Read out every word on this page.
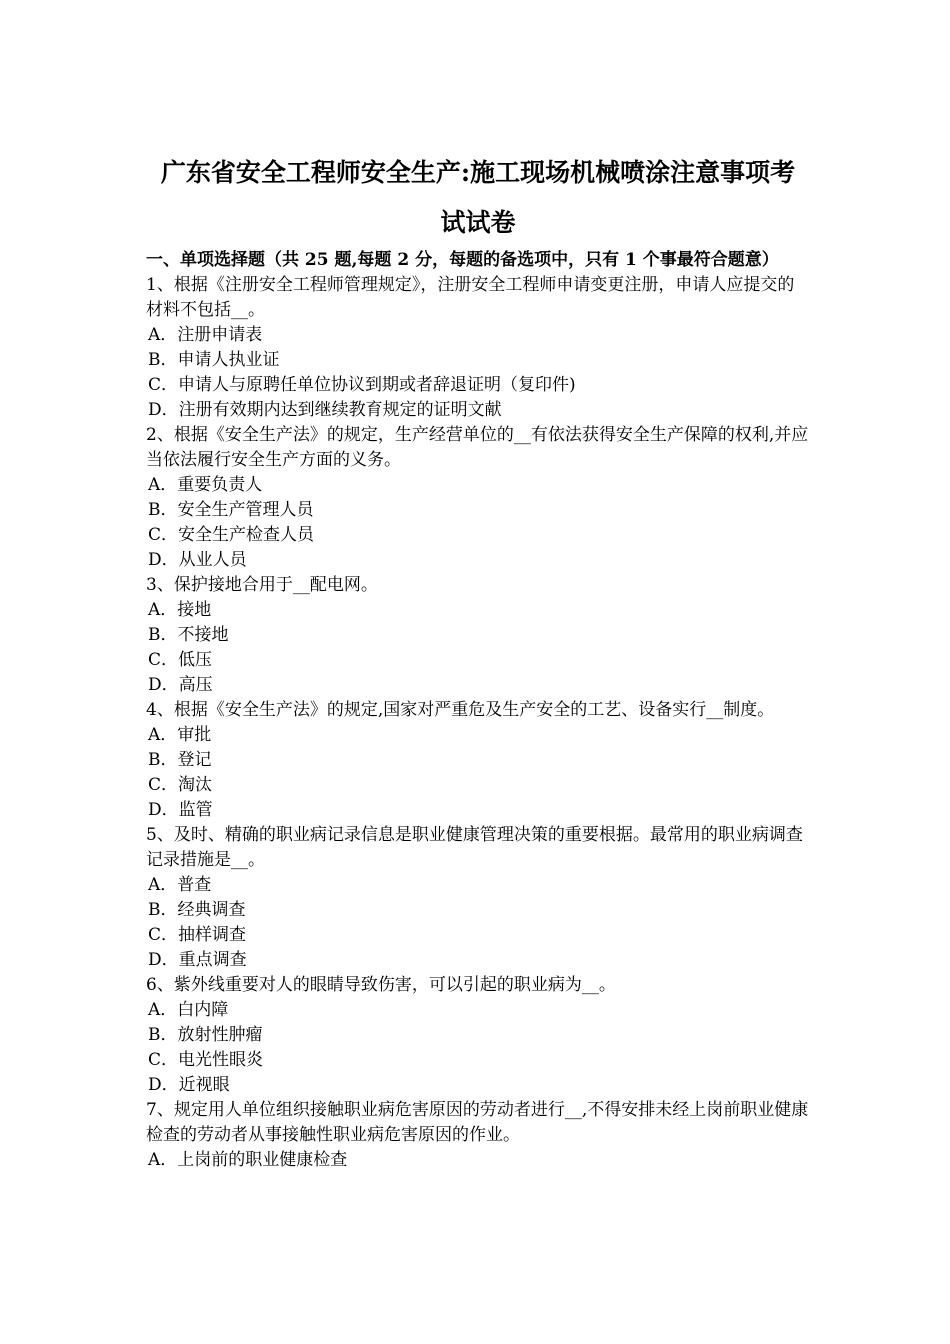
广东省安全工程师安全生产:施工现场机械喷涂注意事项考
试试卷

一、单项选择题（共 25 题,每题 2 分，每题的备选项中，只有 1 个事最符合题意）

1、根据《注册安全工程师管理规定》，注册安全工程师申请变更注册，申请人应提交的材料不包括__。

A．注册申请表

B．申请人执业证

C．申请人与原聘任单位协议到期或者辞退证明（复印件)

D．注册有效期内达到继续教育规定的证明文献

2、根据《安全生产法》的规定，生产经营单位的__有依法获得安全生产保障的权利,并应当依法履行安全生产方面的义务。

A．重要负责人

B．安全生产管理人员

C．安全生产检查人员

D．从业人员

3、保护接地合用于__配电网。

A．接地

B．不接地

C．低压

D．高压

4、根据《安全生产法》的规定,国家对严重危及生产安全的工艺、设备实行__制度。

A．审批

B．登记

C．淘汰

D．监管

5、及时、精确的职业病记录信息是职业健康管理决策的重要根据。最常用的职业病调查记录措施是__。

A．普查

B．经典调查

C．抽样调查

D．重点调查

6、紫外线重要对人的眼睛导致伤害，可以引起的职业病为__。

A．白内障

B．放射性肿瘤

C．电光性眼炎

D．近视眼

7、规定用人单位组织接触职业病危害原因的劳动者进行__,不得安排未经上岗前职业健康检查的劳动者从事接触性职业病危害原因的作业。

A．上岗前的职业健康检查
